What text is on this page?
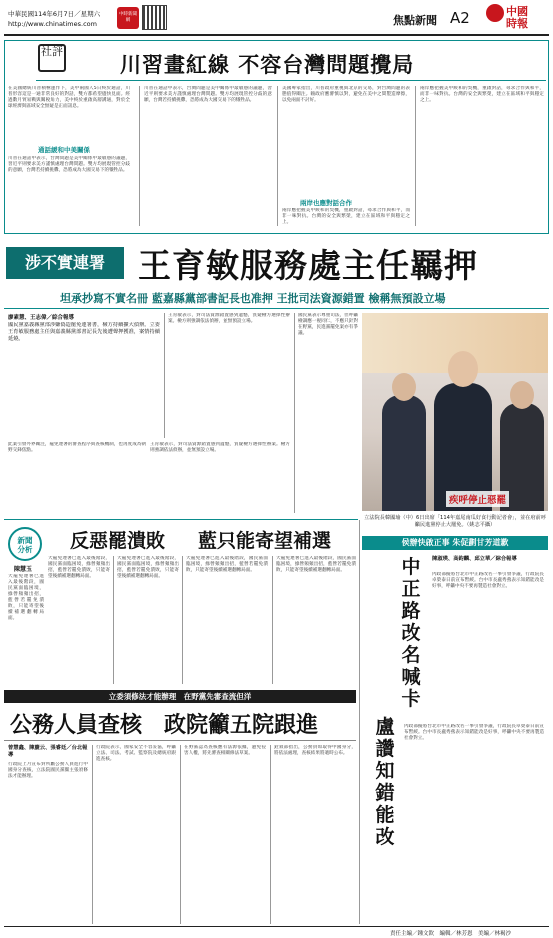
中華民國114年6月7日／星期六
http://www.chinatimes.com
中時新聞網	焦點新聞 A2	中國時報
社評
川習畫紅線 不容台灣問題攪局

在美國總統川普積極運作下，美中兩國人5日終於通話，川普形容這是一通非常良好的對話，雙方都希望儘快見面。經過數月貿易戰與關稅角力，美中終於重啟高層溝通，對於全球經濟與區域安全無疑是正面訊息。

通話緩和中美關係

川普在通話中表示，台灣問題是美中關係中最敏感的議題，習近平則要求美方謹慎處理台灣問題。雙方均展現管控分歧的意願，台灣若持續挑釁，恐將成為大國交易下的犧牲品。

川普在通話中表示，台灣問題是美中關係中最敏感的議題，習近平則要求美方謹慎處理台灣問題。雙方均展現管控分歧的意願，台灣若持續挑釁，恐將成為大國交易下的犧牲品。

美國專家指出，川普政府重視與北京的交易，對台灣問題的表態值得關注。賴政府應審慎以對，避免在美中之間製造摩擦，以免兩面不討好。

兩岸也應對話合作

兩岸應把握美中緩和的契機，重啟對話，尋求合作與和平，而非一味對抗。台灣的安全與繁榮，建立在區域和平與穩定之上。

兩岸應把握美中緩和的契機，重啟對話，尋求合作與和平，而非一味對抗。台灣的安全與繁榮，建立在區域和平與穩定之上。

涉不實連署	王育敏服務處主任羈押
坦承抄寫不實名冊 藍嘉縣黨部書記長也准押 王批司法資源錯置 檢稱無預設立場
廖素慧、王志偉／綜合報導

國民黨嘉義縣黨部涉嫌偽造罷免連署書，檢方持續擴大偵辦。立委王育敏服務處主任與嘉義縣黨部書記長先後遭聲押獲准，案情持續延燒。

王育敏表示，對司法資源錯置感到遺憾，質疑檢方選擇性辦案。檢方則強調依法偵辦，並無預設立場。

國民黨表示尊重司法，但呼籲檢調應一視同仁，不應只針對在野黨，民進黨罷免案亦有爭議。

此案引發外界關注，罷免連署的審查程序與查核機制，也再度成為朝野交鋒焦點。

王育敏表示，對司法資源錯置感到遺憾，質疑檢方選擇性辦案。檢方則強調依法偵辦，並無預設立場。

疾呼停止惡罷
立法院長韓國瑜（中）6日出席「114年嘉尾南瓜好食行動記者會」，並在府前呼籲民進黨停止大罷免。（姚志平攝）
新聞
分析
陳慧玉
反惡罷潰敗 藍只能寄望補選

大罷免連署已進入最後階段，國民黨面臨困境，綠營頻頻出招，藍營若罷免潰敗，只能寄望後續補選翻轉局面。

大罷免連署已進入最後階段，國民黨面臨困境，綠營頻頻出招，藍營若罷免潰敗，只能寄望後續補選翻轉局面。

大罷免連署已進入最後階段，國民黨面臨困境，綠營頻頻出招，藍營若罷免潰敗，只能寄望後續補選翻轉局面。

大罷免連署已進入最後階段，國民黨面臨困境，綠營頻頻出招，藍營若罷免潰敗，只能寄望後續補選翻轉局面。

大罷免連署已進入最後階段，國民黨面臨困境，綠營頻頻出招，藍營若罷免潰敗，只能寄望後續補選翻轉局面。

侯辦快啟正事 朱促劃甘芳道歉
中正路改名喊卡
盧讚知錯能改
陳淑瑛、高鈞麟、邱立華／綜合報導

內政部擬將台北市中正路改名一事引發爭議，行政院長卓榮泰日前宣布暫緩。台中市長盧秀燕表示知錯能改是好事，呼籲中央不要再製造社會對立。

內政部擬將台北市中正路改名一事引發爭議，行政院長卓榮泰日前宣布暫緩。台中市長盧秀燕表示知錯能改是好事，呼籲中央不要再製造社會對立。

立委須修法才能辦理　在野黨先審查流但洋
公務人員查核　政院籲五院跟進
曾慧鑫、陳慶云、張睿廷／台北報導

行政院上月宣布對所屬公務人員進行中國身分查核，立法院國民黨團主張須修法才能辦理。

行政院表示，國家安全不容妥協，呼籲立法、司法、考試、監察院及總統府跟進查核。

在野黨認為查核應有法源依據，避免侵害人權，將先審查相關修法草案。

銓敘部指出，公務員如取得中國身分，將依法處理，查核結果將適時公布。

責任主編／鍾文欽　編輯／林芳恩　美編／林褐沙
